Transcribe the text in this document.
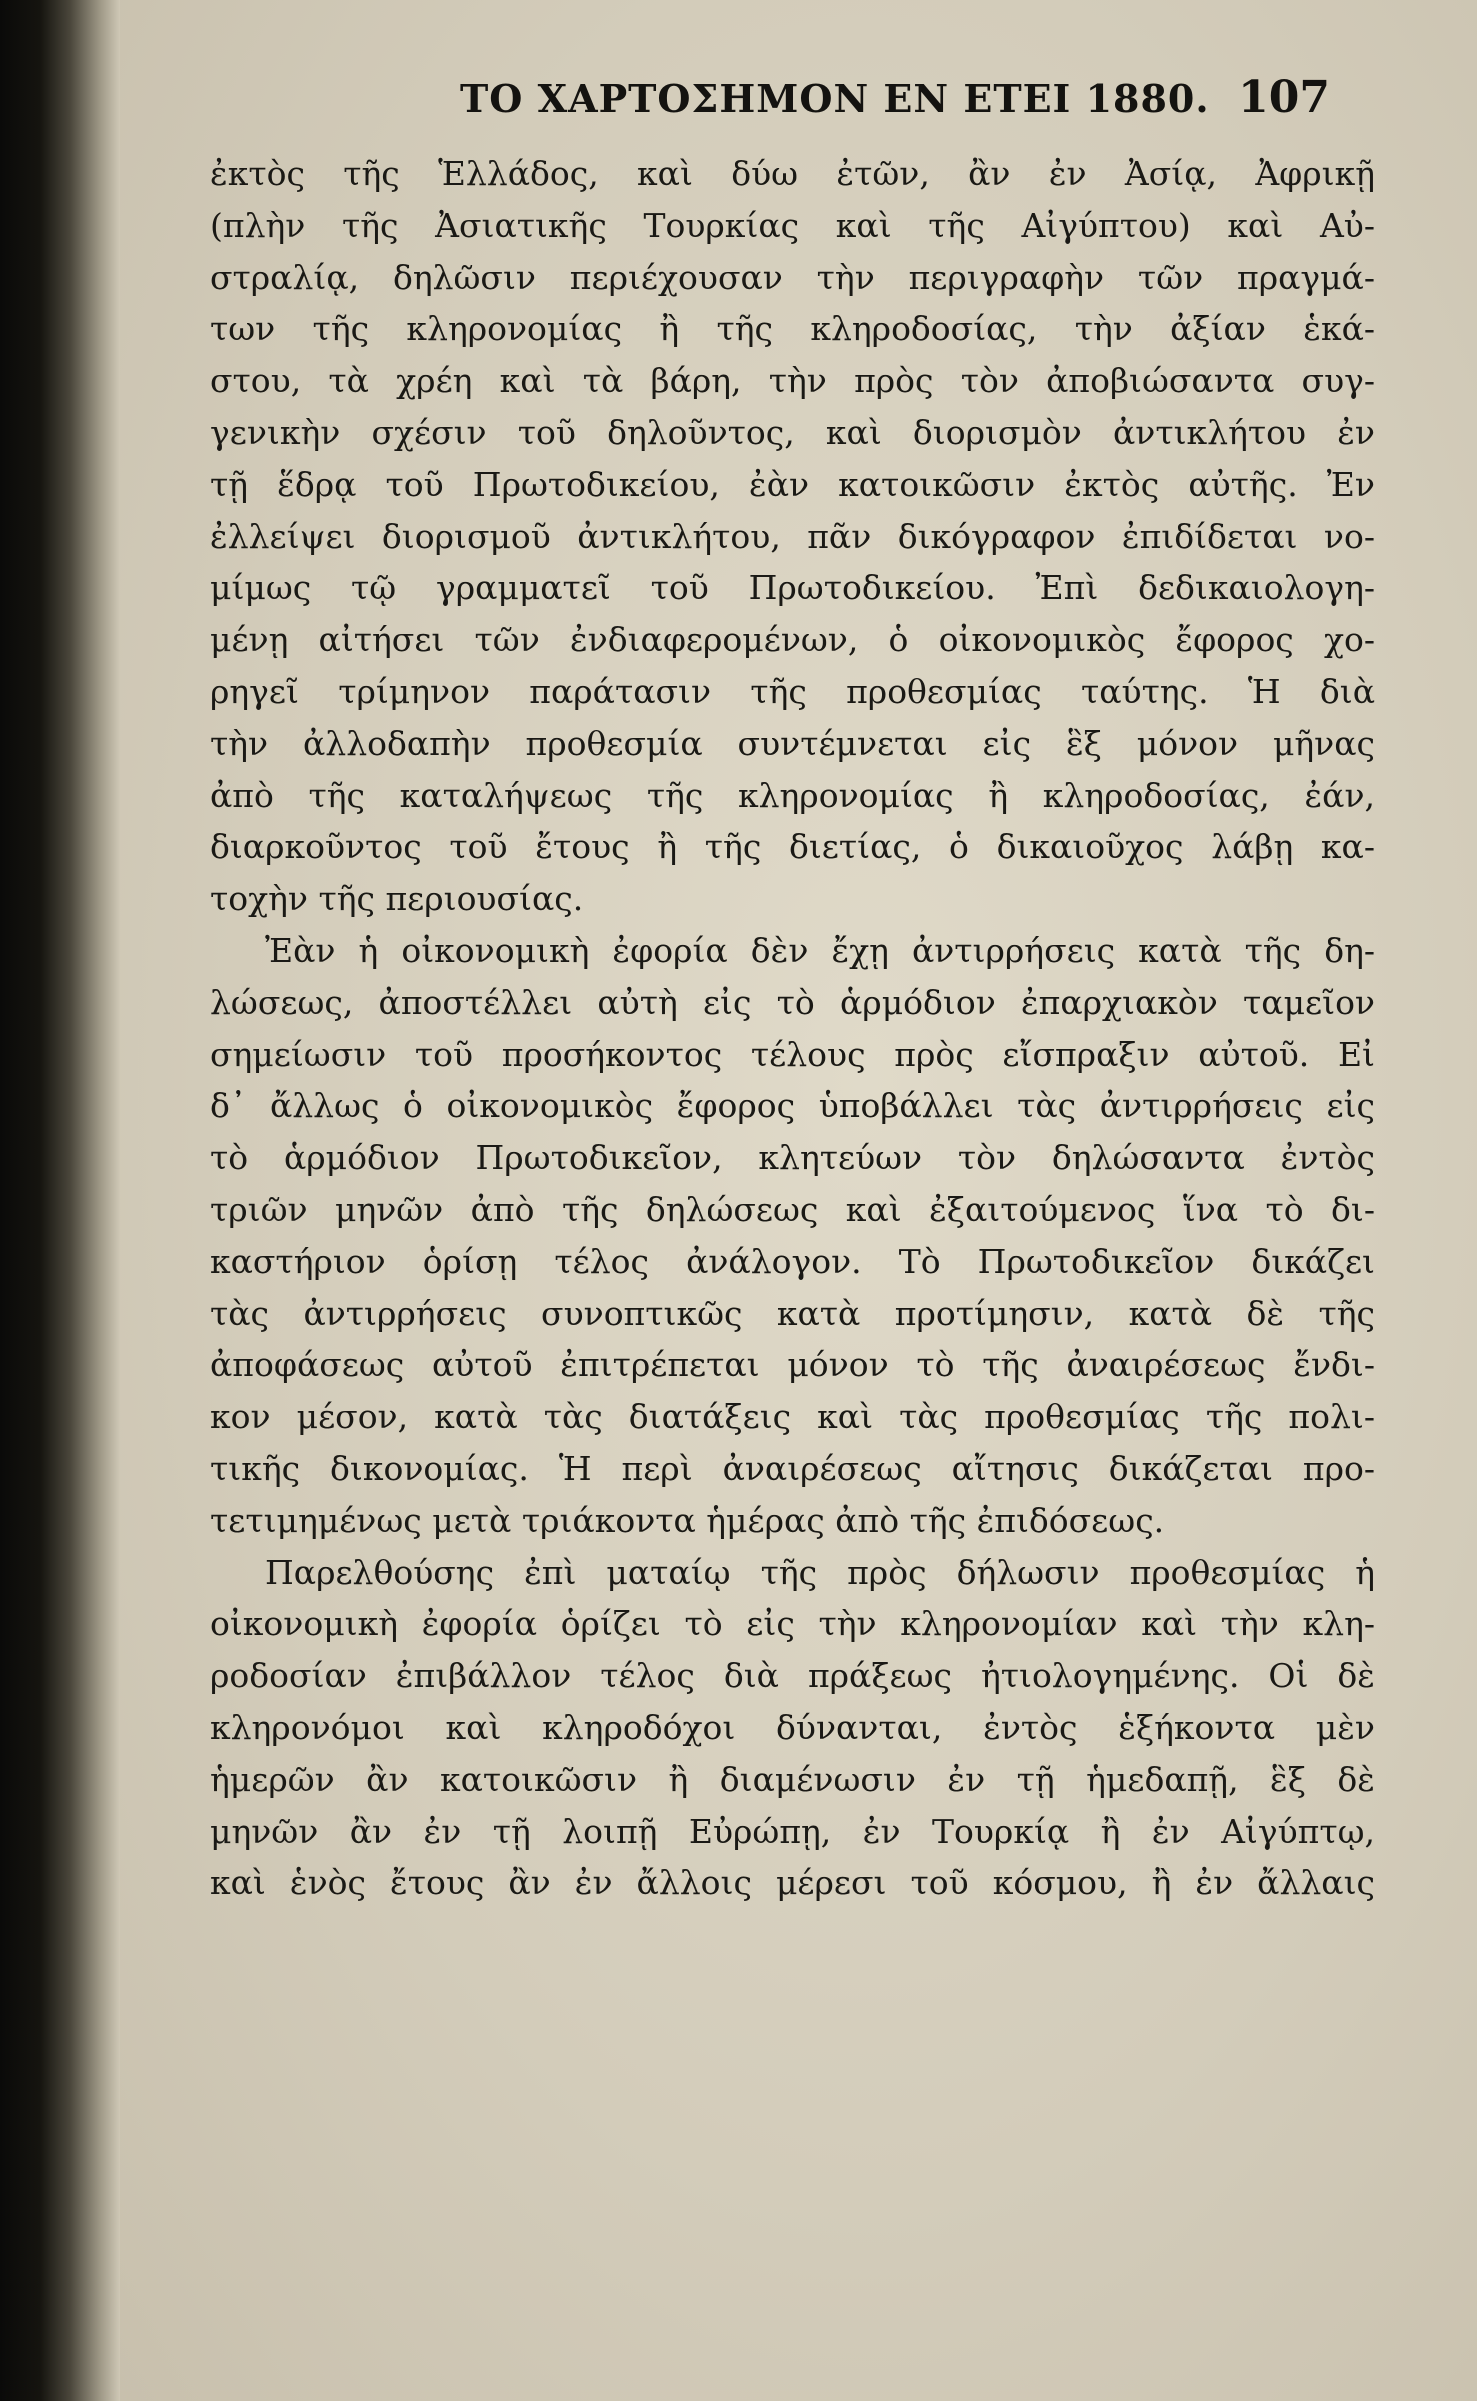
ΤΟ ΧΑΡΤΟΣΗΜΟΝ ΕΝ ΕΤΕΙ 1880. 107
ἐκτὸς τῆς Ἑλλάδος, καὶ δύω ἐτῶν, ἂν ἐν Ἀσίᾳ, Ἀφρικῇ
(πλὴν τῆς Ἀσιατικῆς Τουρκίας καὶ τῆς Αἰγύπτου) καὶ Αὐ-
στραλίᾳ, δηλῶσιν περιέχουσαν τὴν περιγραφὴν τῶν πραγμά-
των τῆς κληρονομίας ἢ τῆς κληροδοσίας, τὴν ἀξίαν ἑκά-
στου, τὰ χρέη καὶ τὰ βάρη, τὴν πρὸς τὸν ἀποβιώσαντα συγ-
γενικὴν σχέσιν τοῦ δηλοῦντος, καὶ διορισμὸν ἀντικλήτου ἐν
τῇ ἕδρᾳ τοῦ Πρωτοδικείου, ἐὰν κατοικῶσιν ἐκτὸς αὐτῆς. Ἐν
ἐλλείψει διορισμοῦ ἀντικλήτου, πᾶν δικόγραφον ἐπιδίδεται νο-
μίμως τῷ γραμματεῖ τοῦ Πρωτοδικείου. Ἐπὶ δεδικαιολογη-
μένῃ αἰτήσει τῶν ἐνδιαφερομένων, ὁ οἰκονομικὸς ἔφορος χο-
ρηγεῖ τρίμηνον παράτασιν τῆς προθεσμίας ταύτης. Ἡ διὰ
τὴν ἀλλοδαπὴν προθεσμία συντέμνεται εἰς ἓξ μόνον μῆνας
ἀπὸ τῆς καταλήψεως τῆς κληρονομίας ἢ κληροδοσίας, ἐάν,
διαρκοῦντος τοῦ ἔτους ἢ τῆς διετίας, ὁ δικαιοῦχος λάβῃ κα-
τοχὴν τῆς περιουσίας.
Ἐὰν ἡ οἰκονομικὴ ἐφορία δὲν ἔχῃ ἀντιρρήσεις κατὰ τῆς δη-
λώσεως, ἀποστέλλει αὐτὴ εἰς τὸ ἁρμόδιον ἐπαρχιακὸν ταμεῖον
σημείωσιν τοῦ προσήκοντος τέλους πρὸς εἴσπραξιν αὐτοῦ. Εἰ
δ᾽ ἄλλως ὁ οἰκονομικὸς ἔφορος ὑποβάλλει τὰς ἀντιρρήσεις εἰς
τὸ ἁρμόδιον Πρωτοδικεῖον, κλητεύων τὸν δηλώσαντα ἐντὸς
τριῶν μηνῶν ἀπὸ τῆς δηλώσεως καὶ ἐξαιτούμενος ἵνα τὸ δι-
καστήριον ὁρίσῃ τέλος ἀνάλογον. Τὸ Πρωτοδικεῖον δικάζει
τὰς ἀντιρρήσεις συνοπτικῶς κατὰ προτίμησιν, κατὰ δὲ τῆς
ἀποφάσεως αὐτοῦ ἐπιτρέπεται μόνον τὸ τῆς ἀναιρέσεως ἔνδι-
κον μέσον, κατὰ τὰς διατάξεις καὶ τὰς προθεσμίας τῆς πολι-
τικῆς δικονομίας. Ἡ περὶ ἀναιρέσεως αἴτησις δικάζεται προ-
τετιμημένως μετὰ τριάκοντα ἡμέρας ἀπὸ τῆς ἐπιδόσεως.
Παρελθούσης ἐπὶ ματαίῳ τῆς πρὸς δήλωσιν προθεσμίας ἡ
οἰκονομικὴ ἐφορία ὁρίζει τὸ εἰς τὴν κληρονομίαν καὶ τὴν κλη-
ροδοσίαν ἐπιβάλλον τέλος διὰ πράξεως ἠτιολογημένης. Οἱ δὲ
κληρονόμοι καὶ κληροδόχοι δύνανται, ἐντὸς ἑξήκοντα μὲν
ἡμερῶν ἂν κατοικῶσιν ἢ διαμένωσιν ἐν τῇ ἡμεδαπῇ, ἓξ δὲ
μηνῶν ἂν ἐν τῇ λοιπῇ Εὐρώπῃ, ἐν Τουρκίᾳ ἢ ἐν Αἰγύπτῳ,
καὶ ἑνὸς ἔτους ἂν ἐν ἄλλοις μέρεσι τοῦ κόσμου, ἢ ἐν ἄλλαις
